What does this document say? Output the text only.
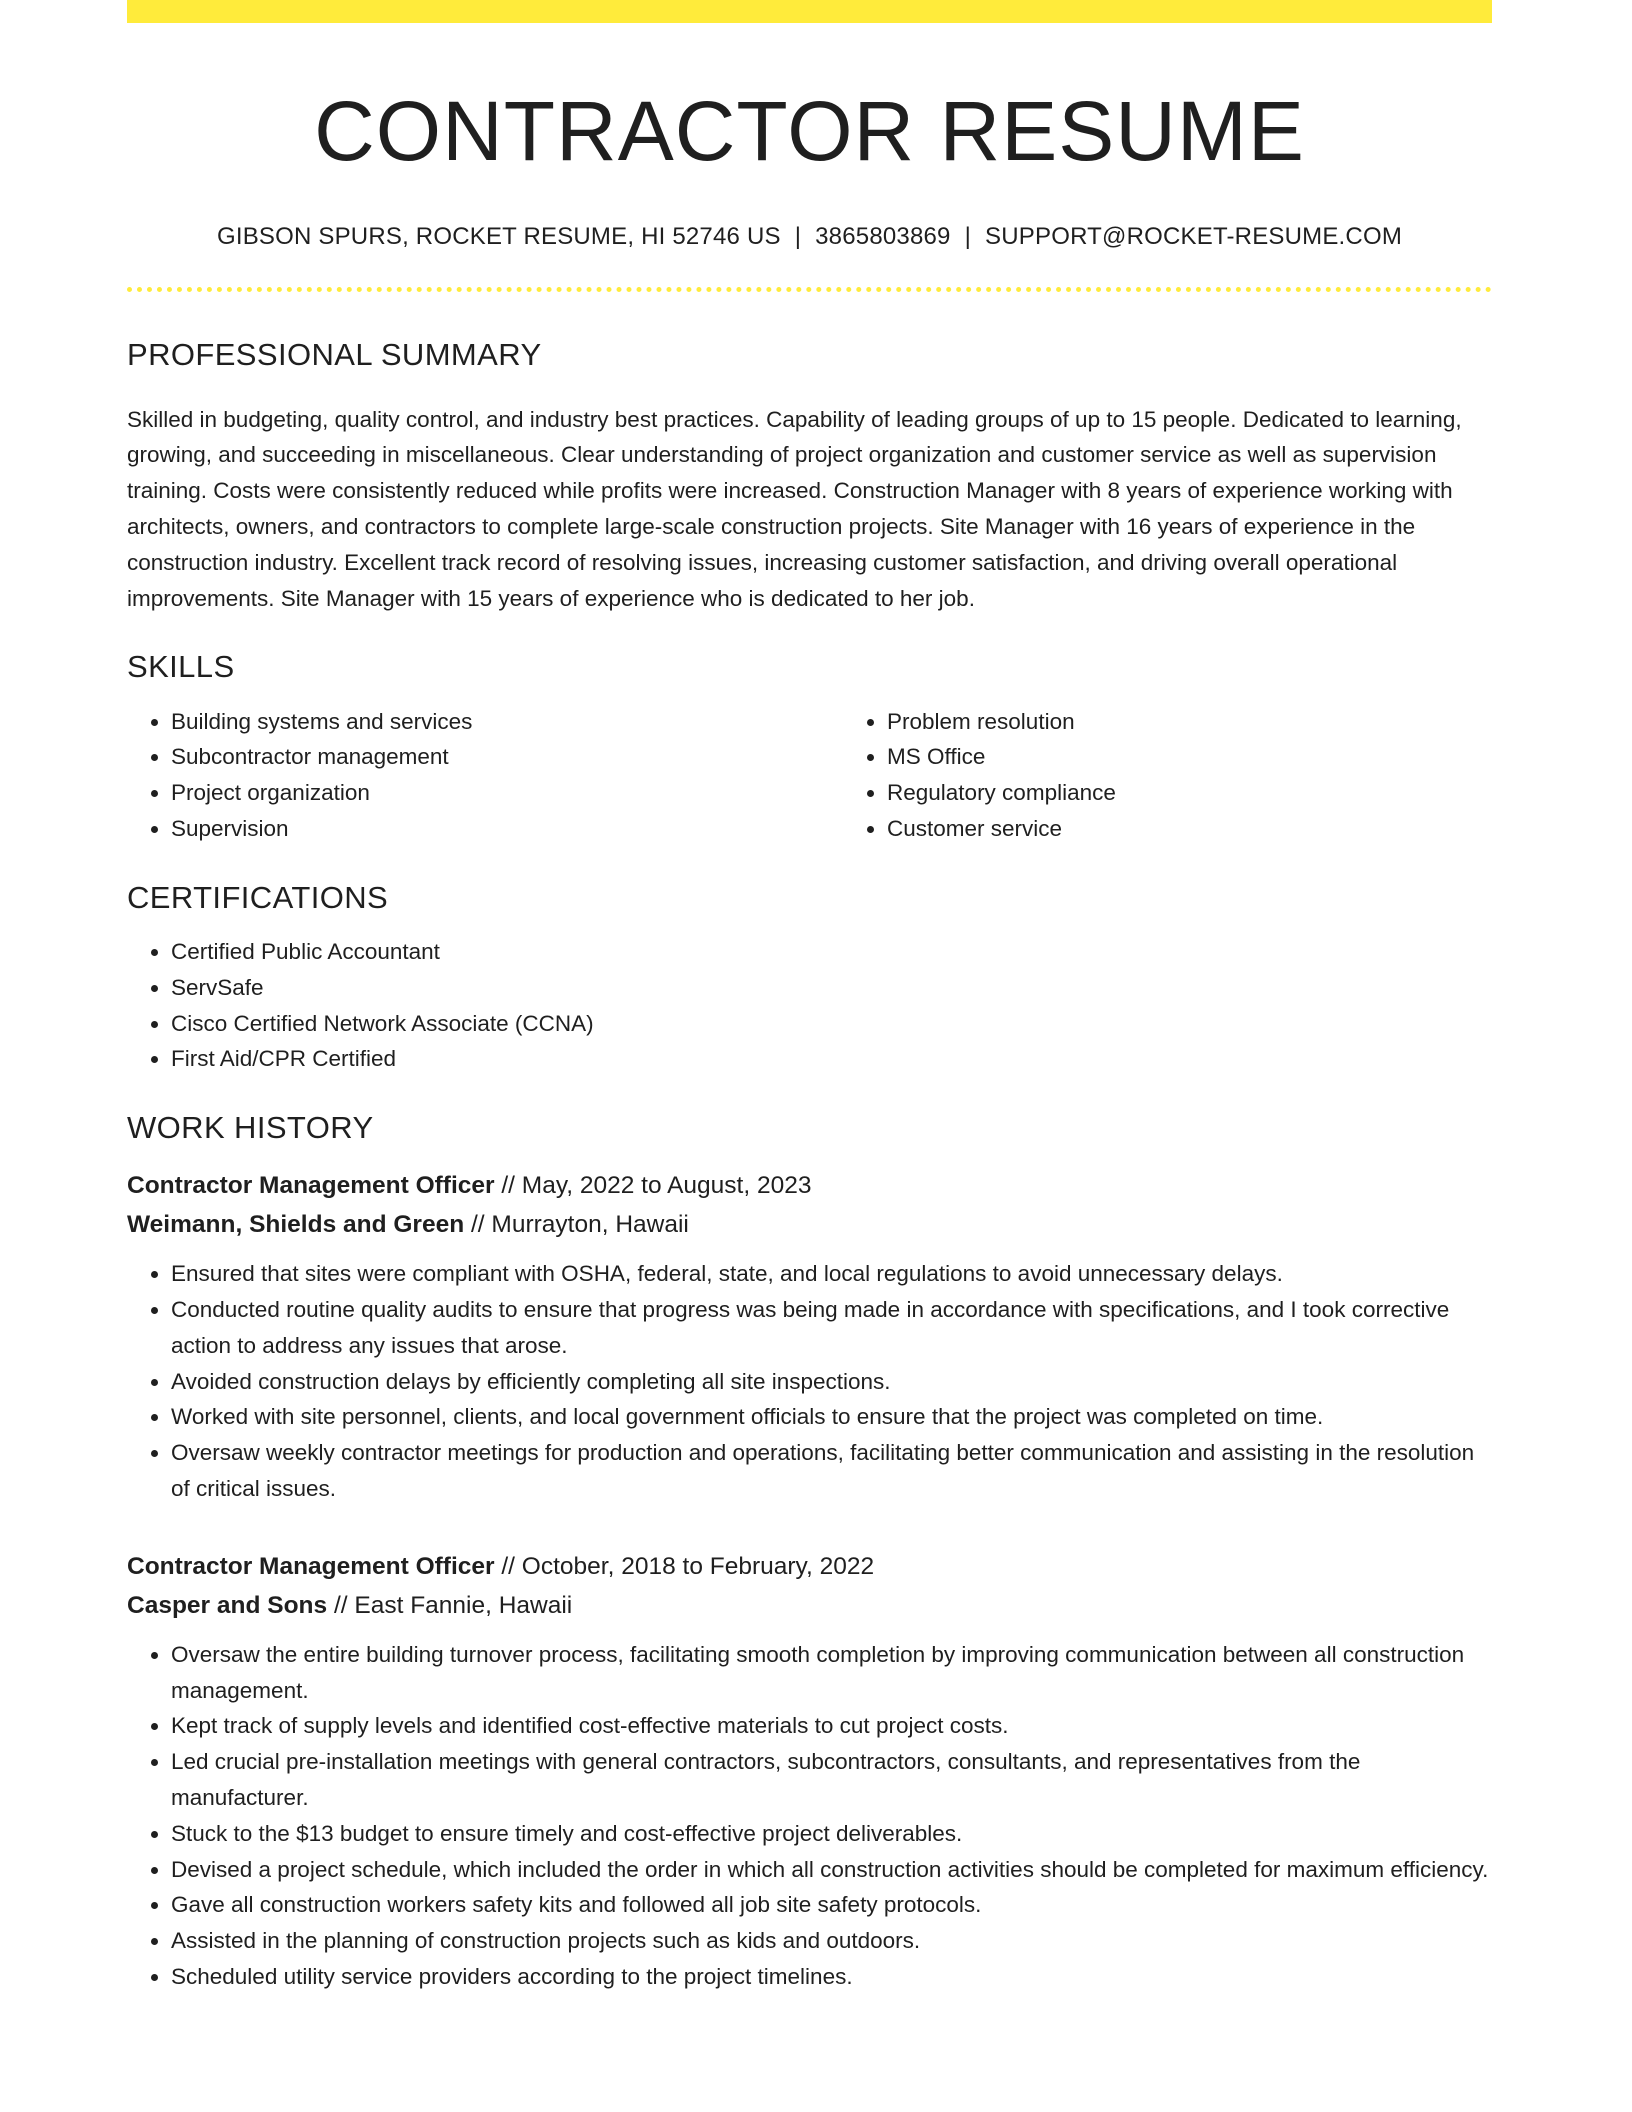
CONTRACTOR RESUME
GIBSON SPURS, ROCKET RESUME, HI 52746 US | 3865803869 | SUPPORT@ROCKET-RESUME.COM
PROFESSIONAL SUMMARY
Skilled in budgeting, quality control, and industry best practices. Capability of leading groups of up to 15 people. Dedicated to learning, growing, and succeeding in miscellaneous. Clear understanding of project organization and customer service as well as supervision training. Costs were consistently reduced while profits were increased. Construction Manager with 8 years of experience working with architects, owners, and contractors to complete large-scale construction projects. Site Manager with 16 years of experience in the construction industry. Excellent track record of resolving issues, increasing customer satisfaction, and driving overall operational improvements. Site Manager with 15 years of experience who is dedicated to her job.
SKILLS
• Building systems and services
• Subcontractor management
• Project organization
• Supervision
• Problem resolution
• MS Office
• Regulatory compliance
• Customer service
CERTIFICATIONS
• Certified Public Accountant
• ServSafe
• Cisco Certified Network Associate (CCNA)
• First Aid/CPR Certified
WORK HISTORY
Contractor Management Officer // May, 2022 to August, 2023
Weimann, Shields and Green // Murrayton, Hawaii
• Ensured that sites were compliant with OSHA, federal, state, and local regulations to avoid unnecessary delays.
• Conducted routine quality audits to ensure that progress was being made in accordance with specifications, and I took corrective action to address any issues that arose.
• Avoided construction delays by efficiently completing all site inspections.
• Worked with site personnel, clients, and local government officials to ensure that the project was completed on time.
• Oversaw weekly contractor meetings for production and operations, facilitating better communication and assisting in the resolution of critical issues.
Contractor Management Officer // October, 2018 to February, 2022
Casper and Sons // East Fannie, Hawaii
• Oversaw the entire building turnover process, facilitating smooth completion by improving communication between all construction management.
• Kept track of supply levels and identified cost-effective materials to cut project costs.
• Led crucial pre-installation meetings with general contractors, subcontractors, consultants, and representatives from the manufacturer.
• Stuck to the $13 budget to ensure timely and cost-effective project deliverables.
• Devised a project schedule, which included the order in which all construction activities should be completed for maximum efficiency.
• Gave all construction workers safety kits and followed all job site safety protocols.
• Assisted in the planning of construction projects such as kids and outdoors.
• Scheduled utility service providers according to the project timelines.
